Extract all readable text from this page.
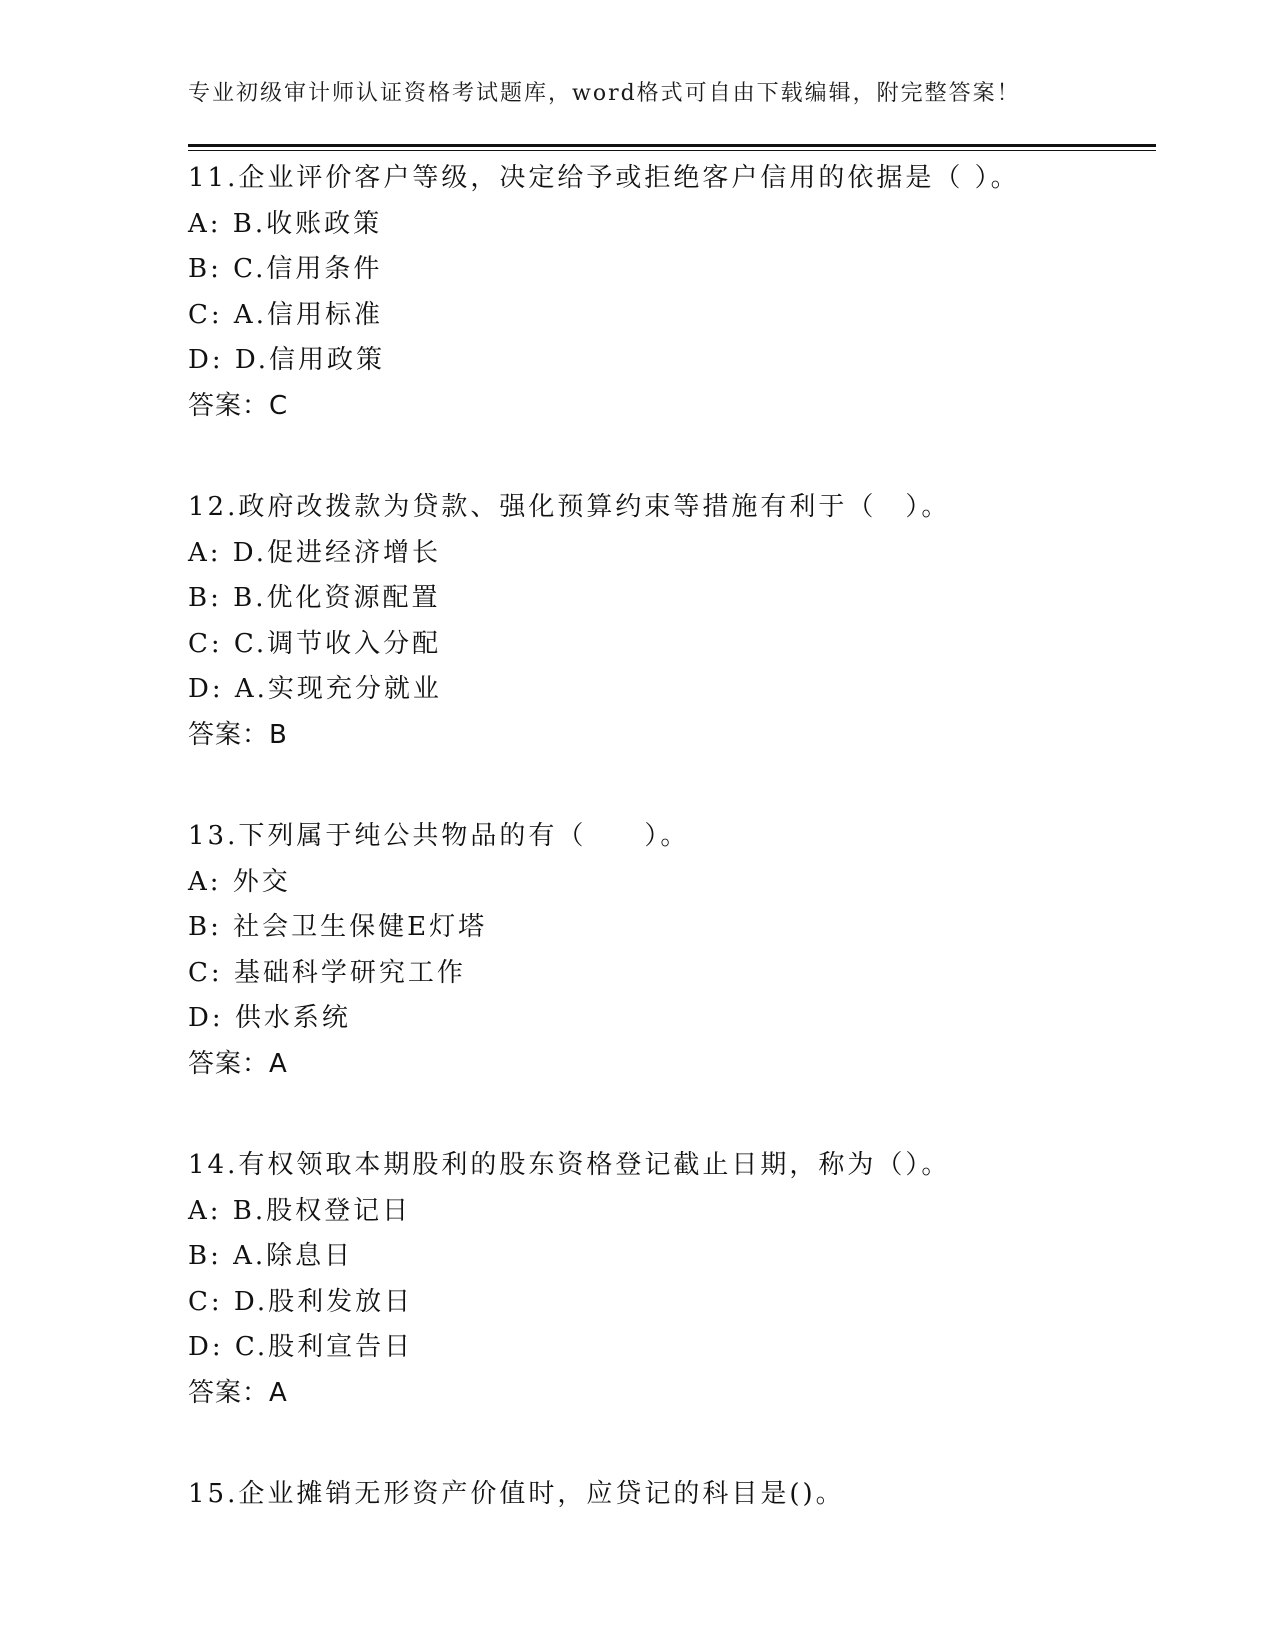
专业初级审计师认证资格考试题库，word格式可自由下载编辑，附完整答案！
11.企业评价客户等级，决定给予或拒绝客户信用的依据是（ ）。
A: B.收账政策
B: C.信用条件
C: A.信用标准
D: D.信用政策
答案：C
12.政府改拨款为贷款、强化预算约束等措施有利于（　）。
A: D.促进经济增长
B: B.优化资源配置
C: C.调节收入分配
D: A.实现充分就业
答案：B
13.下列属于纯公共物品的有（　　）。
A: 外交
B: 社会卫生保健E灯塔
C: 基础科学研究工作
D: 供水系统
答案：A
14.有权领取本期股利的股东资格登记截止日期，称为（）。
A: B.股权登记日
B: A.除息日
C: D.股利发放日
D: C.股利宣告日
答案：A
15.企业摊销无形资产价值时，应贷记的科目是()。
